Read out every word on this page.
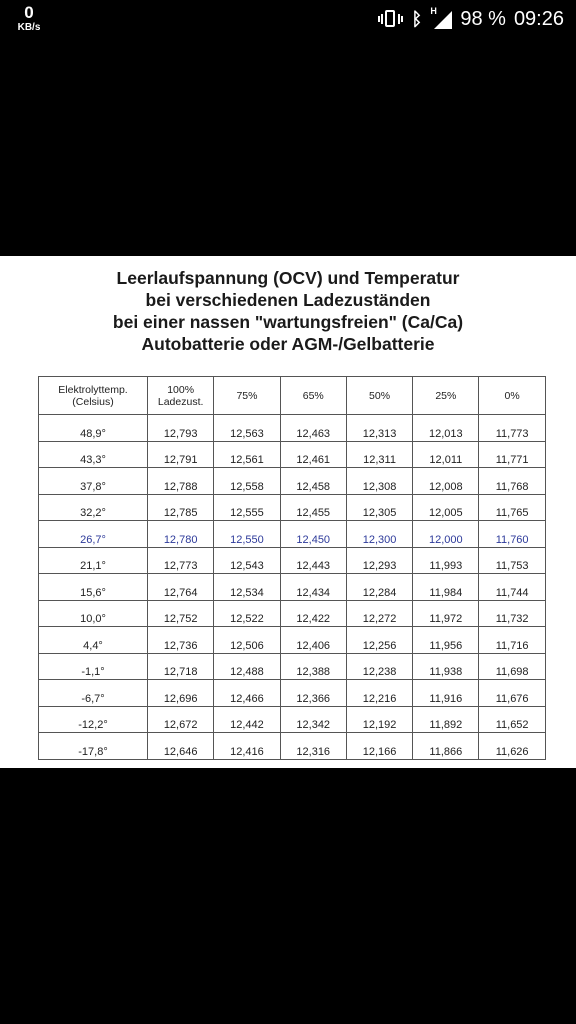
0
KB/s	ᛒ H 98 % 09:26
Leerlaufspannung (OCV) und Temperatur
bei verschiedenen Ladezuständen
bei einer nassen "wartungsfreien" (Ca/Ca)
Autobatterie oder AGM-/Gelbatterie
Elektrolyttemp.
(Celsius)	100%
Ladezust.	75%	65%	50%	25%	0%
48,9°	12,793	12,563	12,463	12,313	12,013	11,773
43,3°	12,791	12,561	12,461	12,311	12,011	11,771
37,8°	12,788	12,558	12,458	12,308	12,008	11,768
32,2°	12,785	12,555	12,455	12,305	12,005	11,765
26,7°	12,780	12,550	12,450	12,300	12,000	11,760
21,1°	12,773	12,543	12,443	12,293	11,993	11,753
15,6°	12,764	12,534	12,434	12,284	11,984	11,744
10,0°	12,752	12,522	12,422	12,272	11,972	11,732
4,4°	12,736	12,506	12,406	12,256	11,956	11,716
-1,1°	12,718	12,488	12,388	12,238	11,938	11,698
-6,7°	12,696	12,466	12,366	12,216	11,916	11,676
-12,2°	12,672	12,442	12,342	12,192	11,892	11,652
-17,8°	12,646	12,416	12,316	12,166	11,866	11,626
